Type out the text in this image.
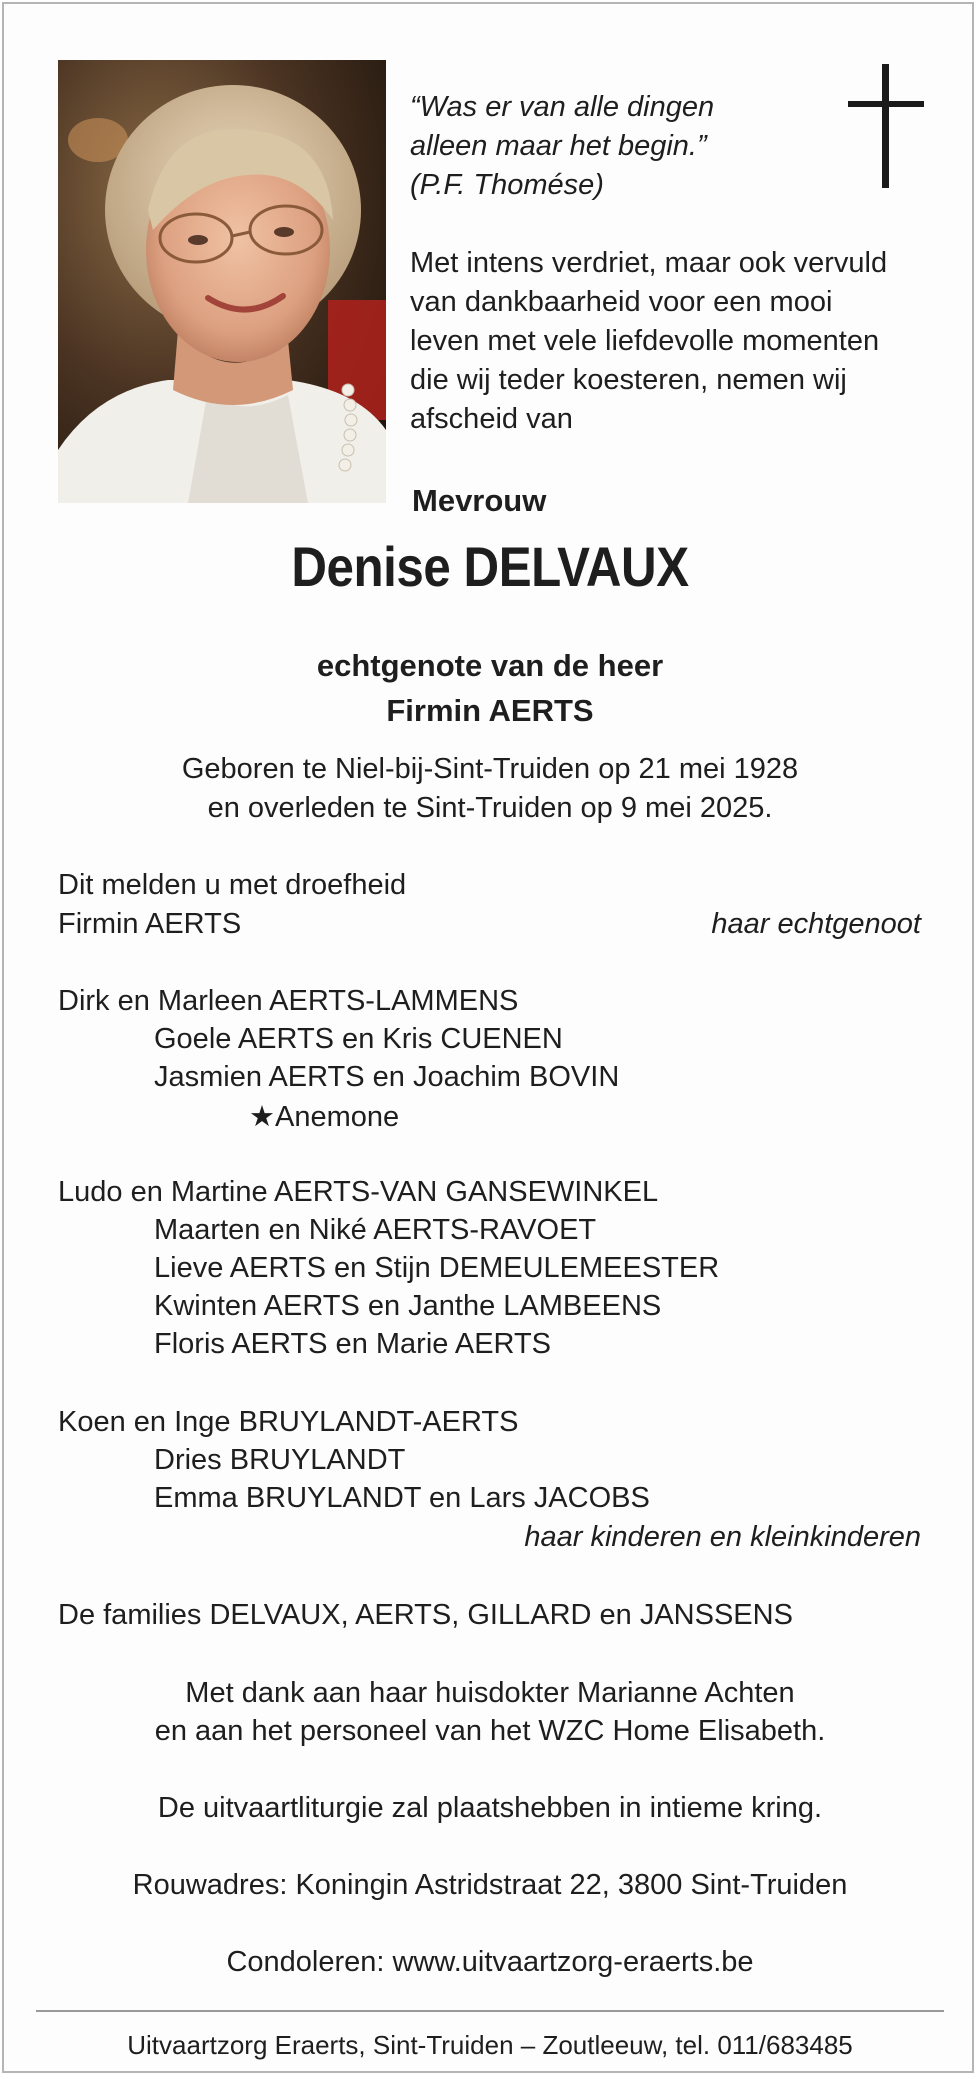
“Was er van alle dingen
alleen maar het begin.”
(P.F. Thomése)
Met intens verdriet, maar ook vervuld
van dankbaarheid voor een mooi
leven met vele liefdevolle momenten
die wij teder koesteren, nemen wij
afscheid van
Mevrouw
Denise DELVAUX
echtgenote van de heer
Firmin AERTS
Geboren te Niel-bij-Sint-Truiden op 21 mei 1928
en overleden te Sint-Truiden op 9 mei 2025.
Dit melden u met droefheid
Firmin AERTS	haar echtgenoot
Dirk en Marleen AERTS-LAMMENS
Goele AERTS en Kris CUENEN
Jasmien AERTS en Joachim BOVIN
★Anemone
Ludo en Martine AERTS-VAN GANSEWINKEL
Maarten en Niké AERTS-RAVOET
Lieve AERTS en Stijn DEMEULEMEESTER
Kwinten AERTS en Janthe LAMBEENS
Floris AERTS en Marie AERTS
Koen en Inge BRUYLANDT-AERTS
Dries BRUYLANDT
Emma BRUYLANDT en Lars JACOBS
haar kinderen en kleinkinderen
De families DELVAUX, AERTS, GILLARD en JANSSENS
Met dank aan haar huisdokter Marianne Achten
en aan het personeel van het WZC Home Elisabeth.
De uitvaartliturgie zal plaatshebben in intieme kring.
Rouwadres: Koningin Astridstraat 22, 3800 Sint-Truiden
Condoleren: www.uitvaartzorg-eraerts.be
Uitvaartzorg Eraerts, Sint-Truiden – Zoutleeuw, tel. 011/683485
